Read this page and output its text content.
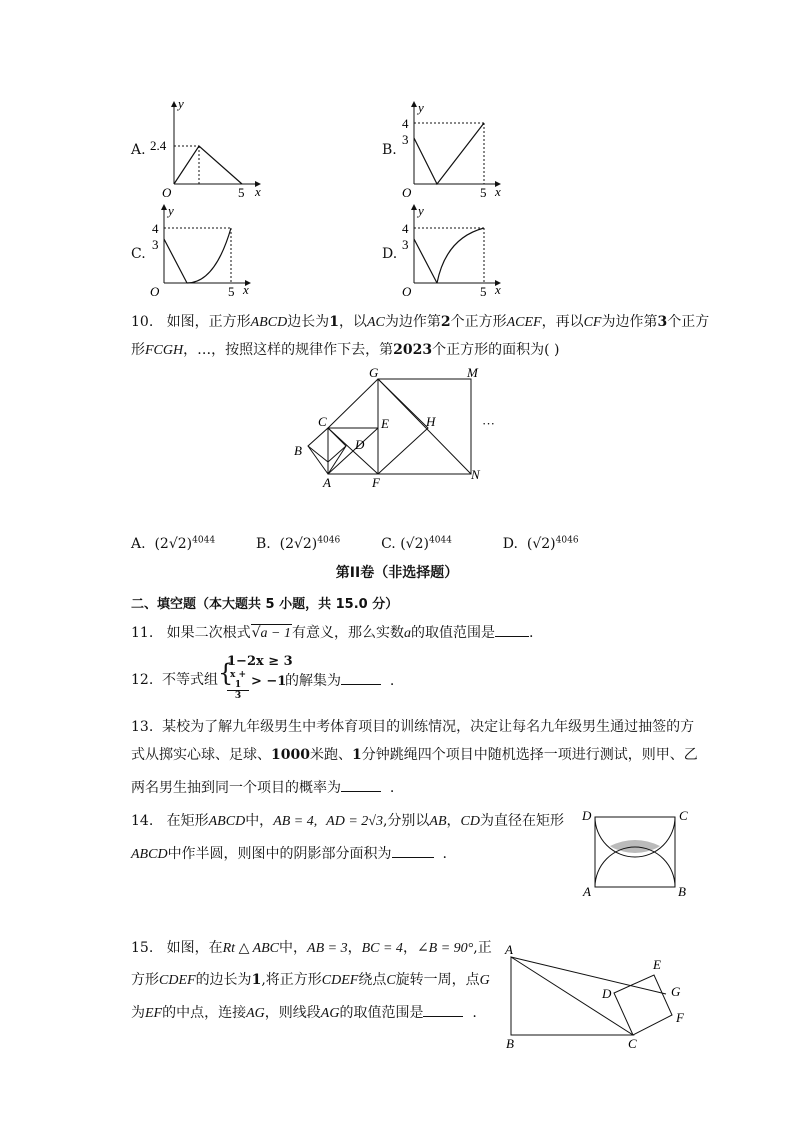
A.
y
x
O
2.4
5
B.
y
x
O
4
3
5
C.
y
x
O
4
3
5
D.
y
x
O
4
3
5
10. 如图，正方形ABCD边长为1，以AC为边作第2个正方形ACEF，再以CF为边作第3个正方
形FCGH，…，按照这样的规律作下去，第2023个正方形的面积为( )
G	M
C	E	H
D
B
A	F
N
···
A. $(2√2)^{4044}$	B. $(2√2)^{4046}$	C. $(√2)^{4044}$	D. $(√2)^{4046}$
第II卷（非选择题）
二、填空题（本大题共 5 小题，共 15.0 分）
11. 如果二次根式√a − 1有意义，那么实数a的取值范围是 .
12. 不等式组 {
1−2x ≥ 3
x + 1
3
> −1
的解集为	.
13. 某校为了解九年级男生中考体育项目的训练情况，决定让每名九年级男生通过抽签的方
式从掷实心球、足球、1000米跑、1分钟跳绳四个项目中随机选择一项进行测试，则甲、乙
两名男生抽到同一个项目的概率为	.
14. 在矩形ABCD中，AB = 4, AD = 2√3,分别以AB，CD为直径在矩形
ABCD中作半圆，则图中的阴影部分面积为	.
D	C
A	B
15. 如图，在Rt △ ABC中，AB = 3，BC = 4，∠B = 90°,正
方形CDEF的边长为1,将正方形CDEF绕点C旋转一周，点G
为EF的中点，连接AG，则线段AG的取值范围是	.
A
B	C
D
E
F
G
